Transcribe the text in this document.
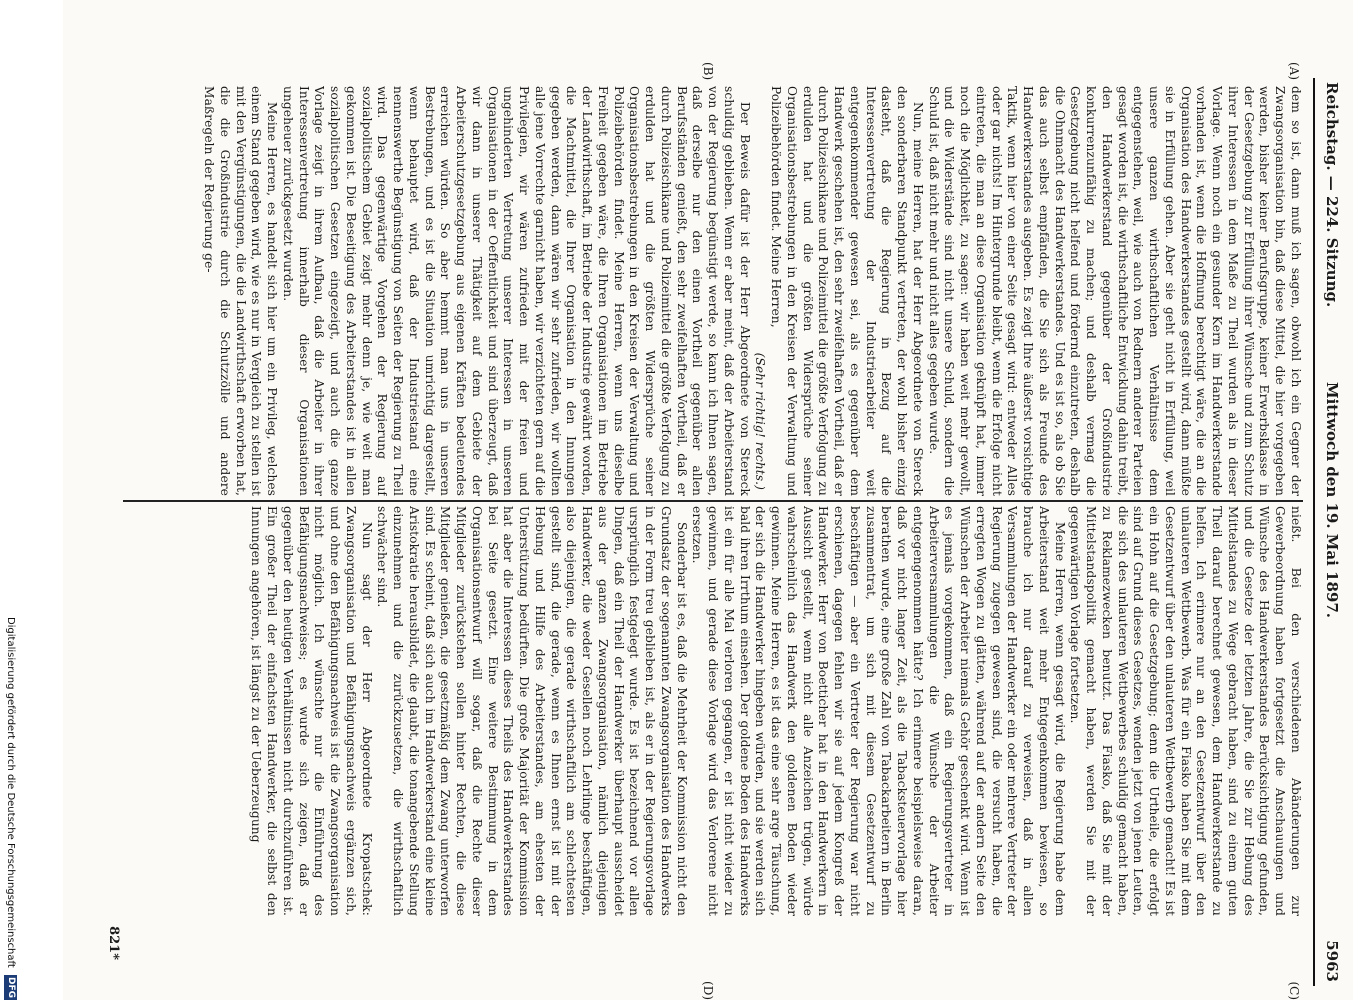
Reichstag. — 224. Sitzung.
Mittwoch den 19. Mai 1897.
5963
(A)
(B)
(C)
(D)

dem so ist, dann muß ich sagen, obwohl ich ein Gegner der Zwangsorganisation bin, daß diese Mittel, die hier vorgegeben werden, bisher keiner Berufsgruppe, keiner Erwerbsklasse in der Gesetzgebung zur Erfüllung ihrer Wünsche und zum Schutz ihrer Interessen in dem Maße zu Theil wurden als in dieser Vorlage. Wenn noch ein gesunder Kern im Handwerkerstande vorhanden ist, wenn die Hoffnung berechtigt wäre, die an die Organisation des Handwerkerstandes gestellt wird, dann müßte sie in Erfüllung gehen. Aber sie geht nicht in Erfüllung, weil unsere ganzen wirthschaftlichen Verhältnisse dem entgegenstehen, weil, wie auch von Rednern anderer Parteien gesagt worden ist, die wirthschaftliche Entwicklung dahin treibt, den Handwerkerstand gegenüber der Großindustrie konkurrenzunfähig zu machen; und deshalb vermag die Gesetzgebung nicht helfend und fördernd einzutreten, deshalb die Ohnmacht des Handwerkerstandes. Und es ist so, als ob Sie das auch selbst empfänden, die Sie sich als Freunde des Handwerkerstandes ausgeben. Es zeigt Ihre äußerst vorsichtige Taktik, wenn hier von einer Seite gesagt wird: entweder Alles oder gar nichts! Im Hintergrunde bleibt, wenn die Erfolge nicht eintreten, die man an diese Organisation geknüpft hat, immer noch die Möglichkeit, zu sagen: wir haben weit mehr gewollt, und die Widerstände sind nicht unsere Schuld, sondern die Schuld ist, daß nicht mehr und nicht alles gegeben wurde.

Nun, meine Herren, hat der Herr Abgeordnete von Stereck den sonderbaren Standpunkt vertreten, der wohl bisher einzig dasteht, daß die Regierung in Bezug auf die Interessenvertretung der Industriearbeiter weit entgegenkommender gewesen sei, als es gegenüber dem Handwerk geschehen ist, den sehr zweifelhaften Vortheil, daß er durch Polizeischikane und Polizeimittel die größte Verfolgung zu erdulden hat und die größten Widersprüche seiner Organisationsbestrebungen in den Kreisen der Verwaltung und Polizeibehörden findet. Meine Herren,

(Sehr richtig! rechts.)

Der Beweis dafür ist der Herr Abgeordnete von Stereck schuldig geblieben. Wenn er aber meint, daß der Arbeiterstand von der Regierung begünstigt werde, so kann ich Ihnen sagen, daß derselbe nur den einen Vortheil gegenüber allen Berufsständen genießt, den sehr zweifelhaften Vortheil, daß er durch Polizeischikane und Polizeimittel die größte Verfolgung zu erdulden hat und die größten Widersprüche seiner Organisationsbestrebungen in den Kreisen der Verwaltung und Polizeibehörden findet. Meine Herren, wenn uns dieselbe Freiheit gegeben wäre, die Ihren Organisationen im Betriebe der Landwirthschaft, im Betriebe der Industrie gewährt worden, die Machtmittel, die Ihrer Organisation in den Innungen gegeben werden, dann wären wir sehr zufrieden, wir wollten alle jene Vorrechte garnicht haben, wir verzichteten gern auf die Privilegien, wir wären zufrieden mit der freien und ungehinderten Vertretung unserer Interessen in unseren Organisationen in der Oeffentlichkeit und sind überzeugt, daß wir dann in unserer Thätigkeit auf dem Gebiete der Arbeiterschutzgesetzgebung aus eigenen Kräften bedeutendes erreichen würden. So aber hemmt man uns in unseren Bestrebungen, und es ist die Situation umrichtig dargestellt, wenn behauptet wird, daß der Industriestand eine nennenswerthe Begünstigung von Seiten der Regierung zu Theil wird. Das gegenwärtige Vorgehen der Regierung auf sozialpolitischem Gebiet zeigt mehr denn je, wie weit man gekommen ist. Die Beseitigung des Arbeiterstandes ist in allen sozialpolitischen Gesetzen eingezeigt, und auch die ganze Vorlage zeigt in ihrem Aufbau, daß die Arbeiter in ihrer Interessenvertretung innerhalb dieser Organisationen ungeheuer zurückgesetzt wurden.

Meine Herren, es handelt sich hier um ein Privileg, welches einem Stand gegeben wird, wie es nur in Vergleich zu stellen ist mit den Vergünstigungen, die die Landwirthschaft erworben hat, die die Großindustrie durch die Schutzzölle und andere Maßregeln der Regierung ge-

nießt. Bei den verschiedenen Abänderungen zur Gewerbeordnung haben fortgesetzt die Anschauungen und Wünsche des Handwerkerstandes Berücksichtigung gefunden, und die Gesetze der letzten Jahre, die Sie zur Hebung des Mittelstandes zu Wege gebracht haben, sind zu einem guten Theil darauf berechnet gewesen, dem Handwerkerstande zu helfen. Ich erinnere nur an den Gesetzentwurf über den unlauteren Wettbewerb. Was für ein Fiasko haben Sie mit dem Gesetzentwurf über den unlauteren Wettbewerb gemacht! Es ist ein Hohn auf die Gesetzgebung; denn die Urtheile, die erfolgt sind auf Grund dieses Gesetzes, wenden jetzt von jenen Leuten, die sich des unlauteren Wettbewerbes schuldig gemacht haben, zu Reklamezwecken benutzt. Das Fiasko, daß Sie mit der Mittelstandspolitik gemacht haben, werden Sie mit der gegenwärtigen Vorlage fortsetzen.

Meine Herren, wenn gesagt wird, die Regierung habe dem Arbeiterstand weit mehr Entgegenkommen bewiesen, so brauche ich nur darauf zu verweisen, daß in allen Versammlungen der Handwerker ein oder mehrere Vertreter der Regierung zugegen gewesen sind, die versucht haben, die erregten Wogen zu glätten, während auf der andern Seite den Wünschen der Arbeiter niemals Gehör geschenkt wird. Wenn ist es jemals vorgekommen, daß ein Regierungsvertreter in Arbeiterversammlungen die Wünsche der Arbeiter entgegengenommen hätte? Ich erinnere beispielsweise daran, daß vor nicht langer Zeit, als die Tabacksteuervorlage hier berathen wurde, eine große Zahl von Tabackarbeitern in Berlin zusammentrat, um sich mit diesem Gesetzentwurf zu beschäftigen — aber ein Vertreter der Regierung war nicht erschienen, dagegen fehlen wir sie auf jedem Kongreß der Handwerker. Herr von Boetticher hat in den Handwerkern in Aussicht gestellt, wenn nicht alle Anzeichen trügen, würde wahrscheinlich das Handwerk den goldenen Boden wieder gewinnen. Meine Herren, es ist das eine sehr arge Täuschung, der sich die Handwerker hingeben würden, und sie werden sich bald ihren Irrthum einsehen. Der goldene Boden des Handwerks ist ein für alle Mal verloren gegangen, er ist nicht wieder zu gewinnen, und gerade diese Vorlage wird das Verlorene nicht ersetzen.

Sonderbar ist es, daß die Mehrheit der Kommission nicht den Grundsatz der sogenannten Zwangsorganisation des Handwerks in der Form treu geblieben ist, als er in der Regierungsvorlage ursprünglich festgelegt wurde. Es ist bezeichnend vor allen Dingen, daß ein Theil der Handwerker überhaupt ausscheidet aus der ganzen Zwangsorganisation, nämlich diejenigen Handwerker, die weder Gesellen noch Lehrlinge beschäftigen, also diejenigen, die gerade wirthschaftlich am schlechtesten gestellt sind, die gerade, wenn es Ihnen ernst ist mit der Hebung und Hilfe des Arbeiterstandes, am ehesten der Unterstützung bedürften. Die große Majorität der Kommission hat aber die Interessen dieses Theils des Handwerkerstandes bei Seite gesetzt. Eine weitere Bestimmung in dem Organisationsentwurf will sogar, daß die Rechte dieser Mitglieder zurückstehen sollen hinter Rechten, die diese Mitglieder genießen, die gesetzmäßig dem Zwang unterworfen sind. Es scheint, daß sich auch im Handwerkerstand eine kleine Aristokratie herausbildet, die glaubt, die tonangebende Stellung einzunehmen und die zurückzusetzen, die wirthschaftlich schwächer sind.

Nun sagt der Herr Abgeordnete Kropatschek: Zwangsorganisation und Befähigungsnachweis ergänzen sich, und ohne den Befähigungsnachweis ist die Zwangsorganisation nicht möglich. Ich wünschte nur die Einführung des Befähigungsnachweises; es wurde sich zeigen, daß er gegenüber den heutigen Verhältnissen nicht durchzuführen ist. Ein großer Theil der einfachsten Handwerker, die selbst den Innungen angehören, ist längst zu der Ueberzeugung

821*
Digitalisierung gefördert durch die Deutsche Forschungsgemeinschaft DFG
